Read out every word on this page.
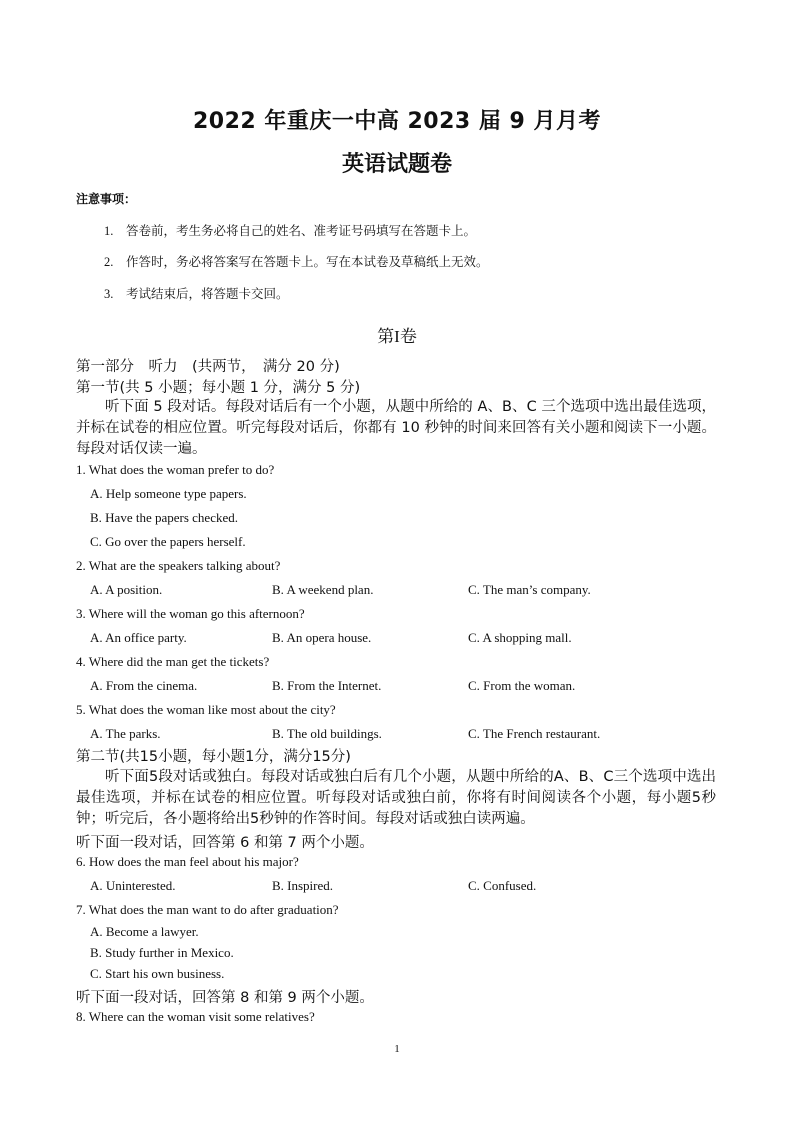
2022 年重庆一中高 2023 届 9 月月考
英语试题卷
注意事项：
1. 答卷前，考生务必将自己的姓名、准考证号码填写在答题卡上。
2. 作答时，务必将答案写在答题卡上。写在本试卷及草稿纸上无效。
3. 考试结束后，将答题卡交回。
第I卷
第一部分　听力　(共两节，　满分 20 分)
第一节(共 5 小题；每小题 1 分，满分 5 分)
听下面 5 段对话。每段对话后有一个小题，从题中所给的 A、B、C 三个选项中选出最佳选项，并标在试卷的相应位置。听完每段对话后，你都有 10 秒钟的时间来回答有关小题和阅读下一小题。每段对话仅读一遍。
1. What does the woman prefer to do?
A. Help someone type papers.
B. Have the papers checked.
C. Go over the papers herself.
2. What are the speakers talking about?
A. A position.	B. A weekend plan.	C. The man’s company.
3. Where will the woman go this afternoon?
A. An office party.	B. An opera house.	C. A shopping mall.
4. Where did the man get the tickets?
A. From the cinema.	B. From the Internet.	C. From the woman.
5. What does the woman like most about the city?
A. The parks.	B. The old buildings.	C. The French restaurant.
第二节(共15小题，每小题1分，满分15分)
听下面5段对话或独白。每段对话或独白后有几个小题，从题中所给的A、B、C三个选项中选出最佳选项，并标在试卷的相应位置。听每段对话或独白前，你将有时间阅读各个小题，每小题5秒钟；听完后，各小题将给出5秒钟的作答时间。每段对话或独白读两遍。
听下面一段对话，回答第 6 和第 7 两个小题。
6. How does the man feel about his major?
A. Uninterested.	B. Inspired.	C. Confused.
7. What does the man want to do after graduation?
A. Become a lawyer.
B. Study further in Mexico.
C. Start his own business.
听下面一段对话，回答第 8 和第 9 两个小题。
8. Where can the woman visit some relatives?
1
